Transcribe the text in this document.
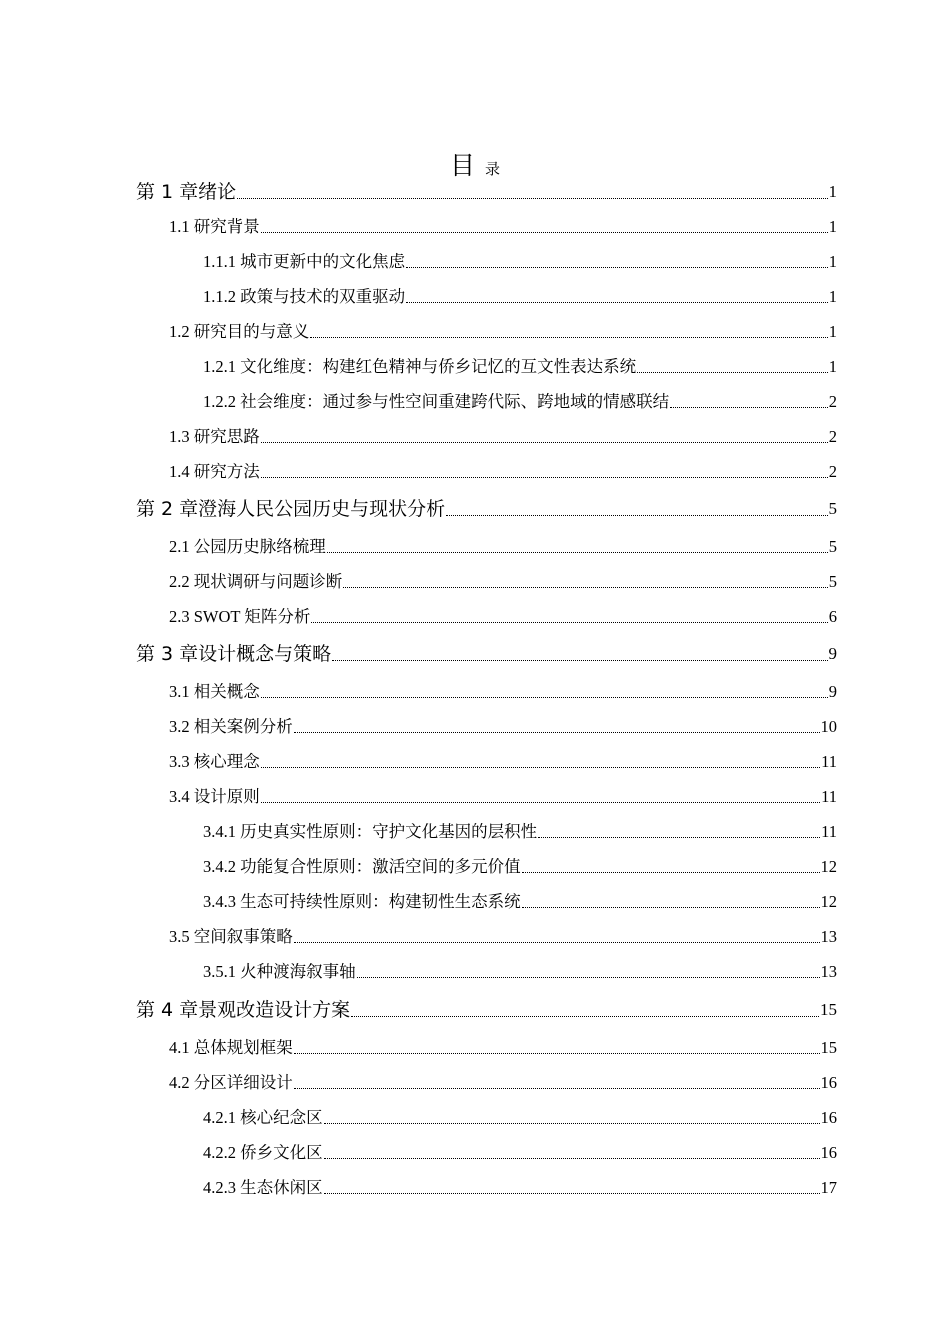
目录
第 1 章绪论	1
1.1 研究背景	1
1.1.1 城市更新中的文化焦虑	1
1.1.2 政策与技术的双重驱动	1
1.2 研究目的与意义	1
1.2.1 文化维度：构建红色精神与侨乡记忆的互文性表达系统	1
1.2.2 社会维度：通过参与性空间重建跨代际、跨地域的情感联结	2
1.3 研究思路	2
1.4 研究方法	2
第 2 章澄海人民公园历史与现状分析	5
2.1 公园历史脉络梳理	5
2.2 现状调研与问题诊断	5
2.3 SWOT 矩阵分析	6
第 3 章设计概念与策略	9
3.1 相关概念	9
3.2 相关案例分析	10
3.3 核心理念	11
3.4 设计原则	11
3.4.1 历史真实性原则：守护文化基因的层积性	11
3.4.2 功能复合性原则：激活空间的多元价值	12
3.4.3 生态可持续性原则：构建韧性生态系统	12
3.5 空间叙事策略	13
3.5.1 火种渡海叙事轴	13
第 4 章景观改造设计方案	15
4.1 总体规划框架	15
4.2 分区详细设计	16
4.2.1 核心纪念区	16
4.2.2 侨乡文化区	16
4.2.3 生态休闲区	17
